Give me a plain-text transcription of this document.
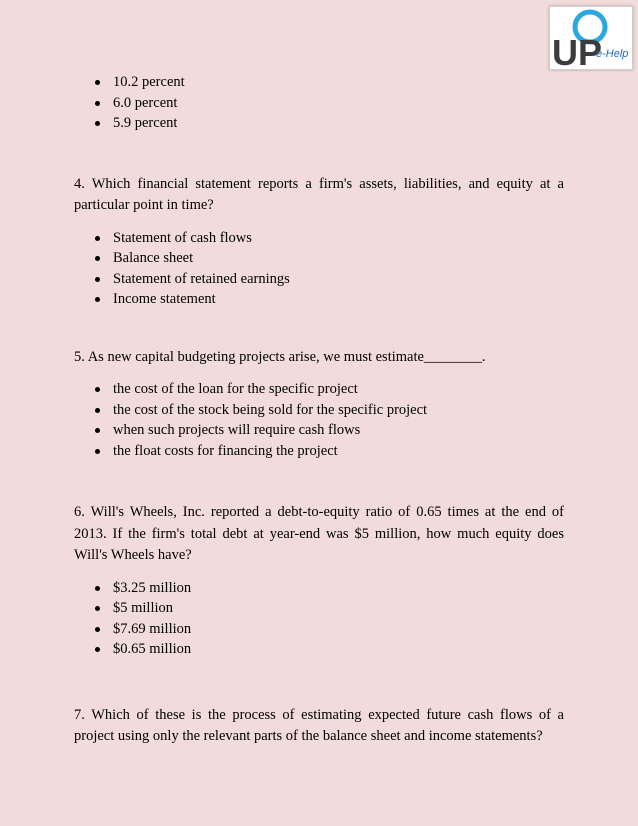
UP
e-Help
10.2 percent
6.0 percent
5.9 percent

4. Which financial statement reports a firm's assets, liabilities, and equity at a particular point in time?

Statement of cash flows
Balance sheet
Statement of retained earnings
Income statement

5. As new capital budgeting projects arise, we must estimate________.

the cost of the loan for the specific project
the cost of the stock being sold for the specific project
when such projects will require cash flows
the float costs for financing the project

6. Will's Wheels, Inc. reported a debt-to-equity ratio of 0.65 times at the end of 2013. If the firm's total debt at year-end was $5 million, how much equity does Will's Wheels have?

$3.25 million
$5 million
$7.69 million
$0.65 million

7. Which of these is the process of estimating expected future cash flows of a project using only the relevant parts of the balance sheet and income statements?
